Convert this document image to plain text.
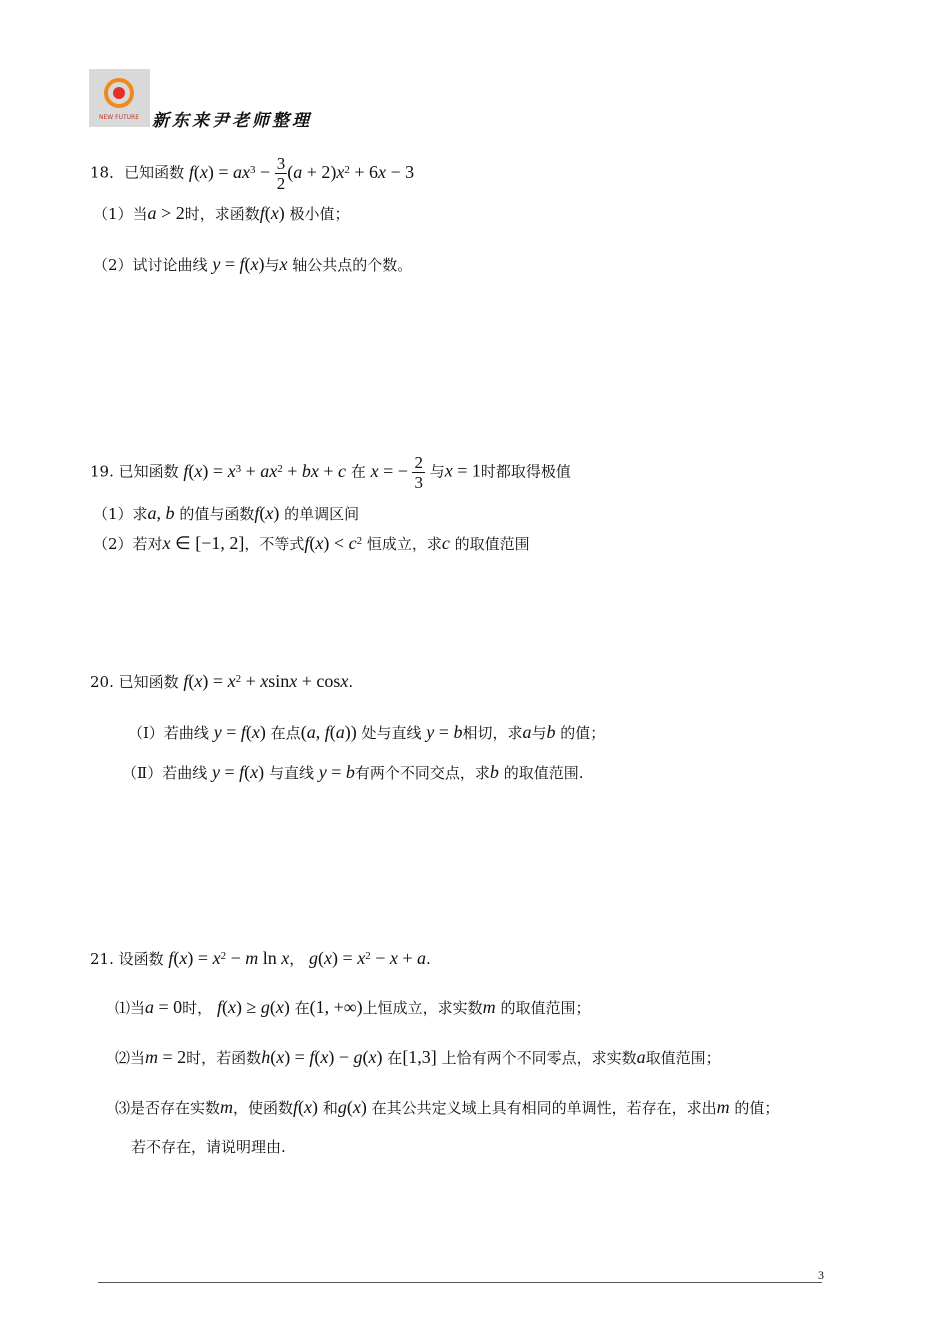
NEW FUTURE 新东来尹老师整理
18．已知函数 $f(x) = ax^3 - \frac{3}{2} (a + 2)x^2 + 6x - 3$
（1）当a > 2时，求函数f(x) 极小值；
（2）试讨论曲线 y = f(x)与x 轴公共点的个数。
19. 已知函数 $f(x) = x^3 + ax^2$ + bx + c 在 x = − $\frac{2}{3}$ 与x = 1时都取得极值
（1）求a, b 的值与函数f(x) 的单调区间
（2）若对x ∈ [−1, 2]，不等式$f(x) < c^2$ 恒成立，求c 的取值范围
20. 已知函数 $f(x) = x^2 + xsinx + \cos x$.
（Ⅰ）若曲线 y = f(x) 在点(a, f(a)) 处与直线 y = b相切，求a与b 的值；
（Ⅱ）若曲线 y = f(x) 与直线 y = b有两个不同交点，求b 的取值范围.
21. 设函数 $f(x) = x^2 - m$ ln x， $g(x) = x^2 - x + a$.
⑴当a = 0时， f(x) ≥ g(x) 在(1, +∞)上恒成立，求实数m 的取值范围；
⑵当m = 2时，若函数h(x) = f(x) − g(x) 在[1,3] 上恰有两个不同零点，求实数a取值范围；
⑶是否存在实数m，使函数f(x) 和g(x) 在其公共定义域上具有相同的单调性，若存在，求出m 的值；
若不存在，请说明理由.
3
